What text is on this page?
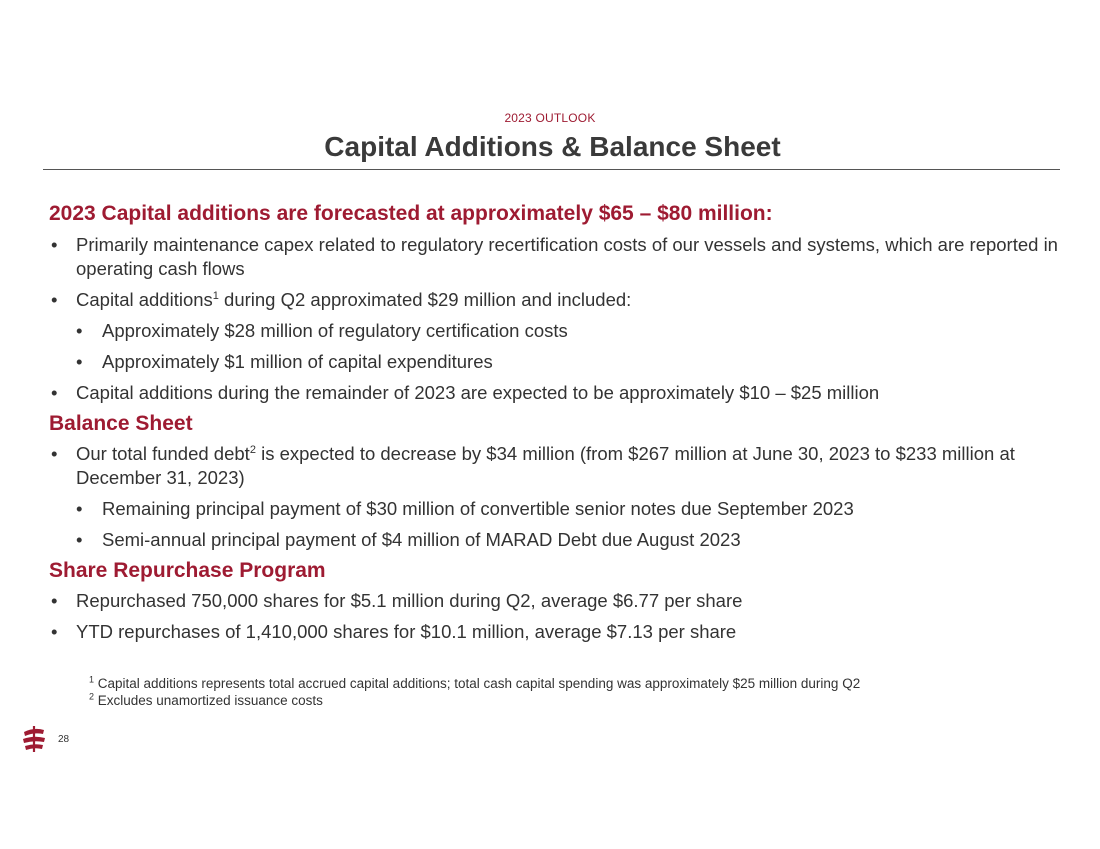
2023 OUTLOOK
Capital Additions & Balance Sheet
2023 Capital additions are forecasted at approximately $65 – $80 million:
• Primarily maintenance capex related to regulatory recertification costs of our vessels and systems, which are reported in operating cash flows
• Capital additions$^1$ during Q2 approximated $29 million and included:
• Approximately $28 million of regulatory certification costs
• Approximately $1 million of capital expenditures
• Capital additions during the remainder of 2023 are expected to be approximately $10 – $25 million
Balance Sheet
• Our total funded debt$^2$ is expected to decrease by $34 million (from $267 million at June 30, 2023 to $233 million at December 31, 2023)
• Remaining principal payment of $30 million of convertible senior notes due September 2023
• Semi-annual principal payment of $4 million of MARAD Debt due August 2023
Share Repurchase Program
• Repurchased 750,000 shares for $5.1 million during Q2, average $6.77 per share
• YTD repurchases of 1,410,000 shares for $10.1 million, average $7.13 per share
$^1$ Capital additions represents total accrued capital additions; total cash capital spending was approximately $25 million during Q2
$^2$ Excludes unamortized issuance costs
28
